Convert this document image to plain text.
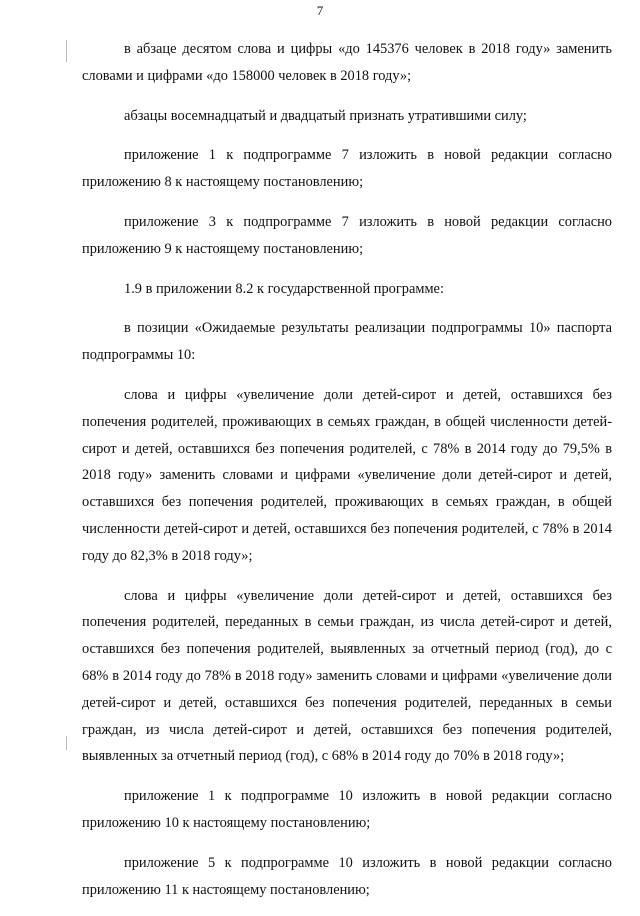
7

в абзаце десятом слова и цифры «до 145376 человек в 2018 году» заменить словами и цифрами «до 158000 человек в 2018 году»;

абзацы восемнадцатый и двадцатый признать утратившими силу;

приложение 1 к подпрограмме 7 изложить в новой редакции согласно приложению 8 к настоящему постановлению;

приложение 3 к подпрограмме 7 изложить в новой редакции согласно приложению 9 к настоящему постановлению;

1.9 в приложении 8.2 к государственной программе:

в позиции «Ожидаемые результаты реализации подпрограммы 10» паспорта подпрограммы 10:

слова и цифры «увеличение доли детей-сирот и детей, оставшихся без попечения родителей, проживающих в семьях граждан, в общей численности детей-сирот и детей, оставшихся без попечения родителей, с 78% в 2014 году до 79,5% в 2018 году» заменить словами и цифрами «увеличение доли детей-сирот и детей, оставшихся без попечения родителей, проживающих в семьях граждан, в общей численности детей-сирот и детей, оставшихся без попечения родителей, с 78% в 2014 году до 82,3% в 2018 году»;

слова и цифры «увеличение доли детей-сирот и детей, оставшихся без попечения родителей, переданных в семьи граждан, из числа детей-сирот и детей, оставшихся без попечения родителей, выявленных за отчетный период (год), до с 68% в 2014 году до 78% в 2018 году» заменить словами и цифрами «увеличение доли детей-сирот и детей, оставшихся без попечения родителей, переданных в семьи граждан, из числа детей-сирот и детей, оставшихся без попечения родителей, выявленных за отчетный период (год), с 68% в 2014 году до 70% в 2018 году»;

приложение 1 к подпрограмме 10 изложить в новой редакции согласно приложению 10 к настоящему постановлению;

приложение 5 к подпрограмме 10 изложить в новой редакции согласно приложению 11 к настоящему постановлению;
